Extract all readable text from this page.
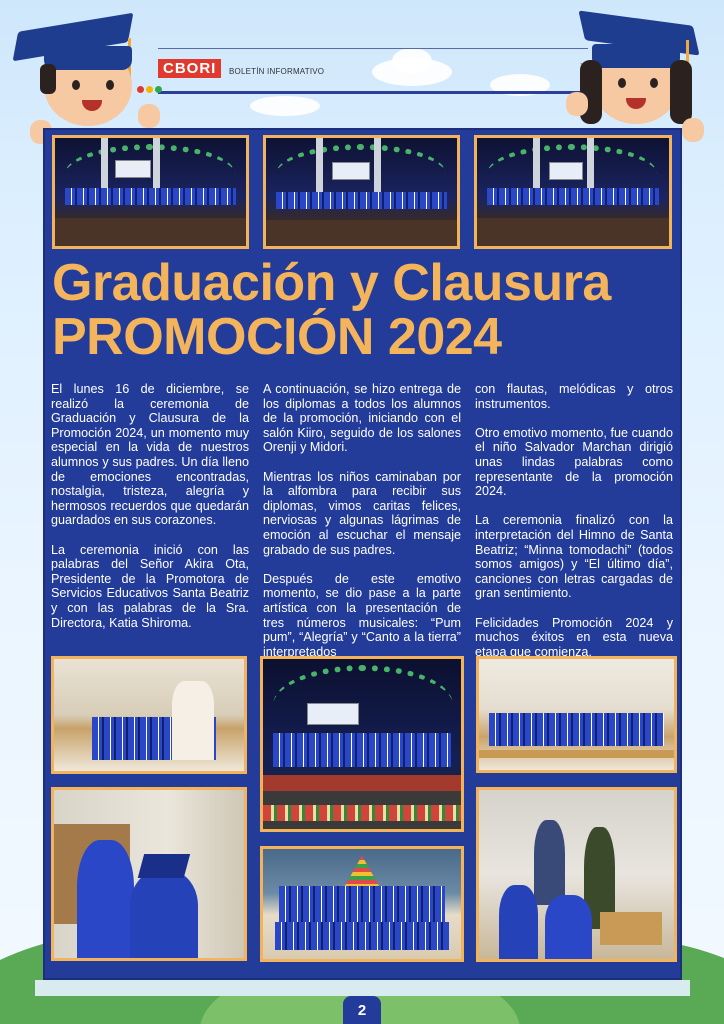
CBORI	BOLETÍN INFORMATIVO
Graduación y Clausura
PROMOCIÓN 2024

El lunes 16 de diciembre, se realizó la ceremonia de Graduación y Clausura de la Promoción 2024, un momento muy especial en la vida de nuestros alumnos y sus padres. Un día lleno de emociones encontradas, nostalgia, tristeza, alegría y hermosos recuerdos que quedarán guardados en sus corazones.

La ceremonia inició con las palabras del Señor Akira Ota, Presidente de la Promotora de Servicios Educativos Santa Beatriz y con las palabras de la Sra. Directora, Katia Shiroma.

A continuación, se hizo entrega de los diplomas a todos los alumnos de la promoción, iniciando con el salón Kiiro, seguido de los salones Orenji y Midori.

Mientras los niños caminaban por la alfombra para recibir sus diplomas, vimos caritas felices, nerviosas y algunas lágrimas de emoción al escuchar el mensaje grabado de sus padres.

Después de este emotivo momento, se dio pase a la parte artística con la presentación de tres números musicales: “Pum pum”, “Alegría” y “Canto a la tierra” interpretados

con flautas, melódicas y otros instrumentos.

Otro emotivo momento, fue cuando el niño Salvador Marchan dirigió unas lindas palabras como representante de la promoción 2024.

La ceremonia finalizó con la interpretación del Himno de Santa Beatriz; “Minna tomodachi” (todos somos amigos) y “El último día”, canciones con letras cargadas de gran sentimiento.

Felicidades Promoción 2024 y muchos éxitos en esta nueva etapa que comienza.

2
